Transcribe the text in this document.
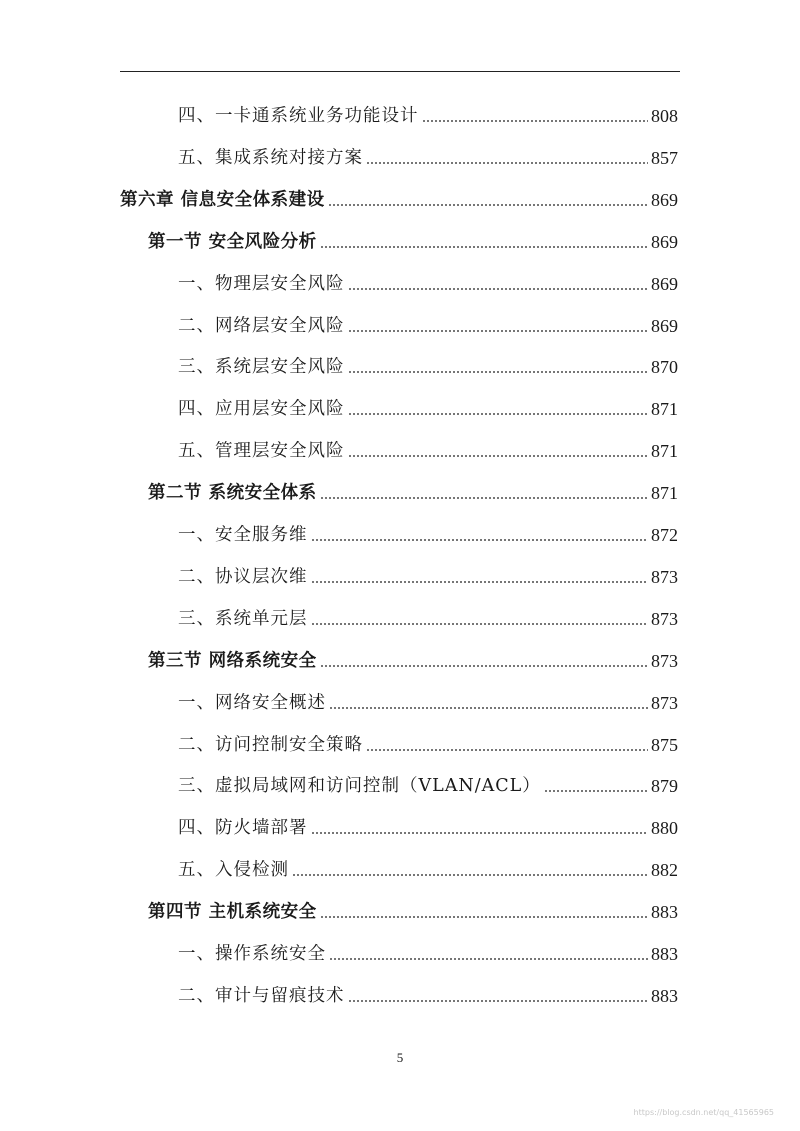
四、一卡通系统业务功能设计	808
五、集成系统对接方案	857
第六章 信息安全体系建设	869
第一节 安全风险分析	869
一、物理层安全风险	869
二、网络层安全风险	869
三、系统层安全风险	870
四、应用层安全风险	871
五、管理层安全风险	871
第二节 系统安全体系	871
一、安全服务维	872
二、协议层次维	873
三、系统单元层	873
第三节 网络系统安全	873
一、网络安全概述	873
二、访问控制安全策略	875
三、虚拟局域网和访问控制（VLAN/ACL）	879
四、防火墙部署	880
五、入侵检测	882
第四节 主机系统安全	883
一、操作系统安全	883
二、审计与留痕技术	883
5
https://blog.csdn.net/qq_41565965
